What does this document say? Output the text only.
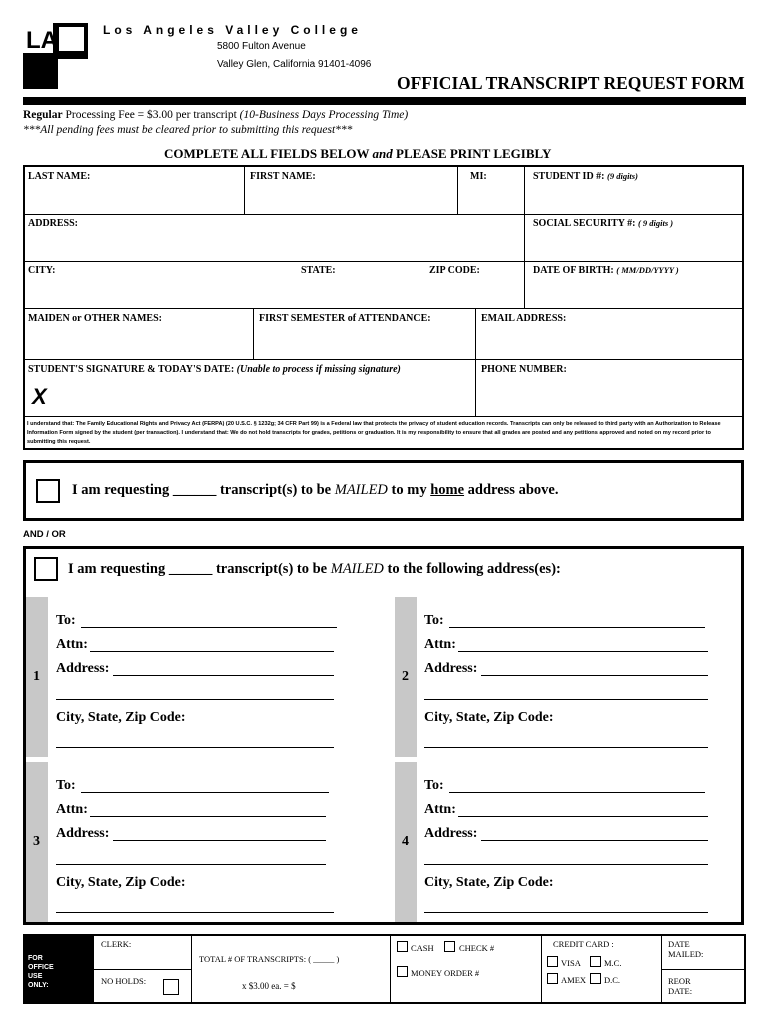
LA
VC
Los Angeles Valley College
5800 Fulton Avenue
Valley Glen, California 91401-4096
OFFICIAL TRANSCRIPT REQUEST FORM
Regular Processing Fee = $3.00 per transcript (10-Business Days Processing Time)
***All pending fees must be cleared prior to submitting this request***
COMPLETE ALL FIELDS BELOW and PLEASE PRINT LEGIBLY
LAST NAME:	FIRST NAME:	MI:	STUDENT ID #: (9 digits)
ADDRESS:	SOCIAL SECURITY #: ( 9 digits )
CITY:	STATE:	ZIP CODE:	DATE OF BIRTH: ( MM/DD/YYYY )
MAIDEN or OTHER NAMES:	FIRST SEMESTER of ATTENDANCE:	EMAIL ADDRESS:
STUDENT'S SIGNATURE & TODAY'S DATE: (Unable to process if missing signature)
X
PHONE NUMBER:
I understand that: The Family Educational Rights and Privacy Act (FERPA) (20 U.S.C. § 1232g; 34 CFR Part 99) is a Federal law that protects the privacy of student education records. Transcripts can only be released to third party with an Authorization to Release Information Form signed by the student (per transaction). I understand that: We do not hold transcripts for grades, petitions or graduation. It is my responsibility to ensure that all grades are posted and any petitions approved and noted on my record prior to submitting this request.
I am requesting ______ transcript(s) to be MAILED to my home address above.
AND / OR
I am requesting ______ transcript(s) to be MAILED to the following address(es):
1
To:
Attn:
Address:
City, State, Zip Code:
2
To:
Attn:
Address:
City, State, Zip Code:
3
To:
Attn:
Address:
City, State, Zip Code:
4
To:
Attn:
Address:
City, State, Zip Code:
FOR
OFFICE
USE
ONLY:
CLERK:
NO HOLDS:
TOTAL # OF TRANSCRIPTS: ( _____ )
x $3.00 ea. = $
CASH	CHECK #
MONEY ORDER #
CREDIT CARD :
VISA	M.C.
AMEX D.C.
DATE
MAILED:
REOR
DATE:
